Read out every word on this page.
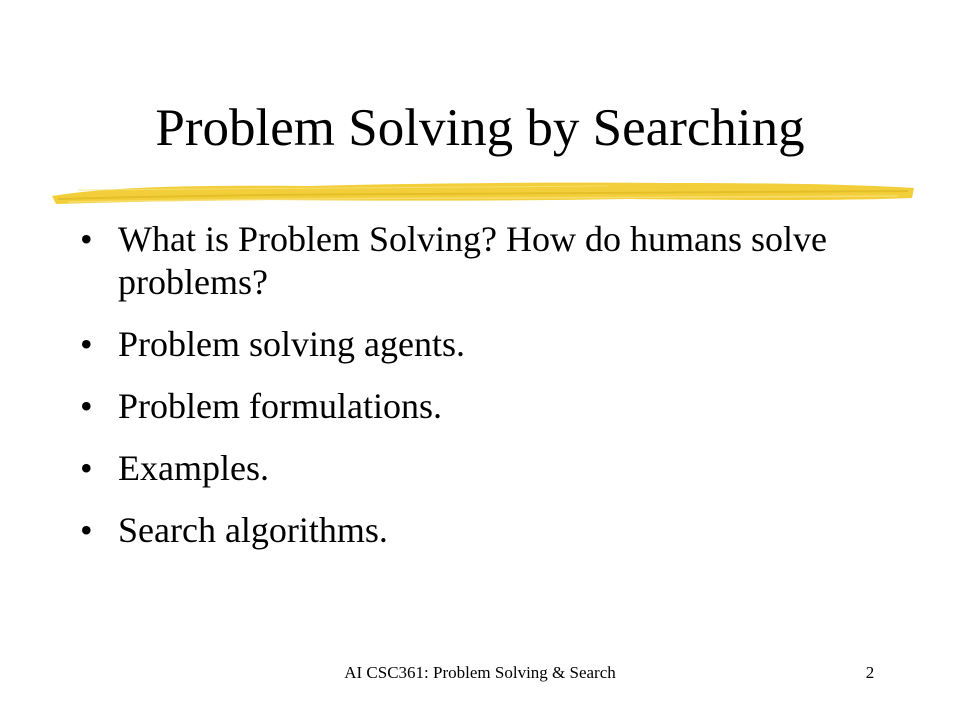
Problem Solving by Searching
• What is Problem Solving? How do humans solve problems?
• Problem solving agents.
• Problem formulations.
• Examples.
• Search algorithms.
AI CSC361: Problem Solving & Search	2
